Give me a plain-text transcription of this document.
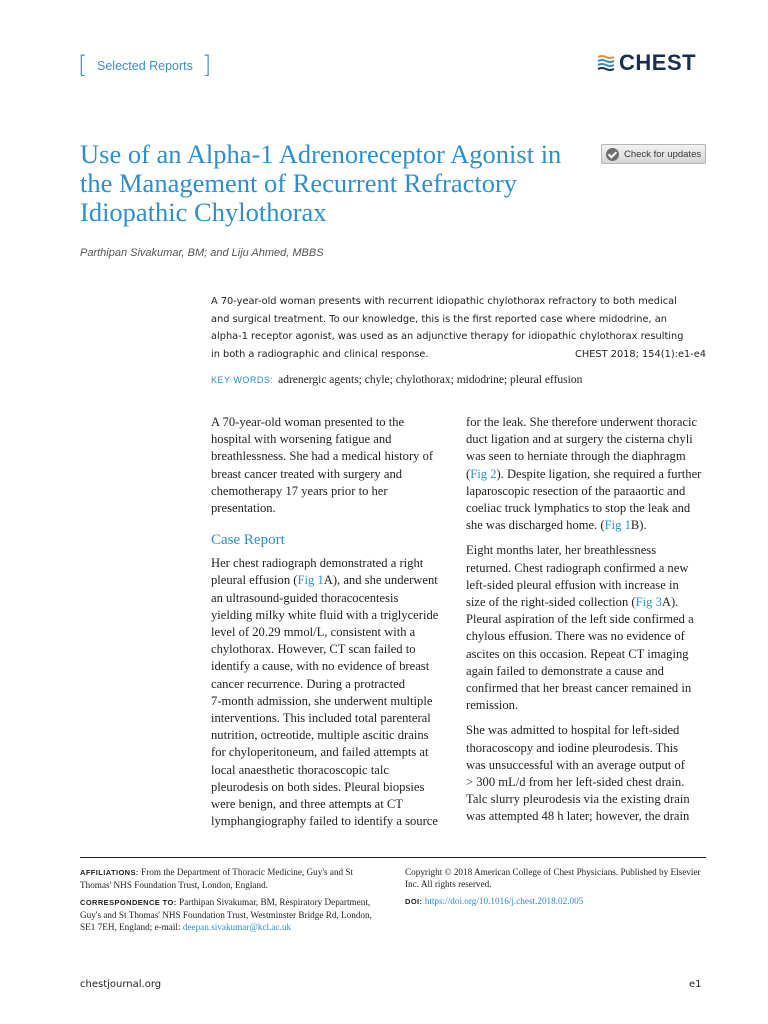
[ Selected Reports ]	CHEST
Use of an Alpha-1 Adrenoreceptor Agonist in the Management of Recurrent Refractory Idiopathic Chylothorax
Check for updates
Parthipan Sivakumar, BM; and Liju Ahmed, MBBS
A 70-year-old woman presents with recurrent idiopathic chylothorax refractory to both medical
and surgical treatment. To our knowledge, this is the first reported case where midodrine, an
alpha-1 receptor agonist, was used as an adjunctive therapy for idiopathic chylothorax resulting
in both a radiographic and clinical response.	CHEST 2018; 154(1):e1-e4
KEY WORDS: adrenergic agents; chyle; chylothorax; midodrine; pleural effusion

A 70-year-old woman presented to the
hospital with worsening fatigue and
breathlessness. She had a medical history of
breast cancer treated with surgery and
chemotherapy 17 years prior to her
presentation.

Case Report

Her chest radiograph demonstrated a right
pleural effusion (Fig 1A), and she underwent
an ultrasound-guided thoracocentesis
yielding milky white fluid with a triglyceride
level of 20.29 mmol/L, consistent with a
chylothorax. However, CT scan failed to
identify a cause, with no evidence of breast
cancer recurrence. During a protracted
7-month admission, she underwent multiple
interventions. This included total parenteral
nutrition, octreotide, multiple ascitic drains
for chyloperitoneum, and failed attempts at
local anaesthetic thoracoscopic talc
pleurodesis on both sides. Pleural biopsies
were benign, and three attempts at CT
lymphangiography failed to identify a source

for the leak. She therefore underwent thoracic
duct ligation and at surgery the cisterna chyli
was seen to herniate through the diaphragm
(Fig 2). Despite ligation, she required a further
laparoscopic resection of the paraaortic and
coeliac truck lymphatics to stop the leak and
she was discharged home. (Fig 1B).

Eight months later, her breathlessness
returned. Chest radiograph confirmed a new
left-sided pleural effusion with increase in
size of the right-sided collection (Fig 3A).
Pleural aspiration of the left side confirmed a
chylous effusion. There was no evidence of
ascites on this occasion. Repeat CT imaging
again failed to demonstrate a cause and
confirmed that her breast cancer remained in
remission.

She was admitted to hospital for left-sided
thoracoscopy and iodine pleurodesis. This
was unsuccessful with an average output of
> 300 mL/d from her left-sided chest drain.
Talc slurry pleurodesis via the existing drain
was attempted 48 h later; however, the drain

AFFILIATIONS: From the Department of Thoracic Medicine, Guy's and St Thomas' NHS Foundation Trust, London, England.
CORRESPONDENCE TO: Parthipan Sivakumar, BM, Respiratory Department, Guy's and St Thomas' NHS Foundation Trust, Westminster Bridge Rd, London, SE1 7EH, England; e-mail: deepan.sivakumar@kcl.ac.uk
Copyright © 2018 American College of Chest Physicians. Published by Elsevier Inc. All rights reserved.
DOI: https://doi.org/10.1016/j.chest.2018.02.005
chestjournal.org	e1
